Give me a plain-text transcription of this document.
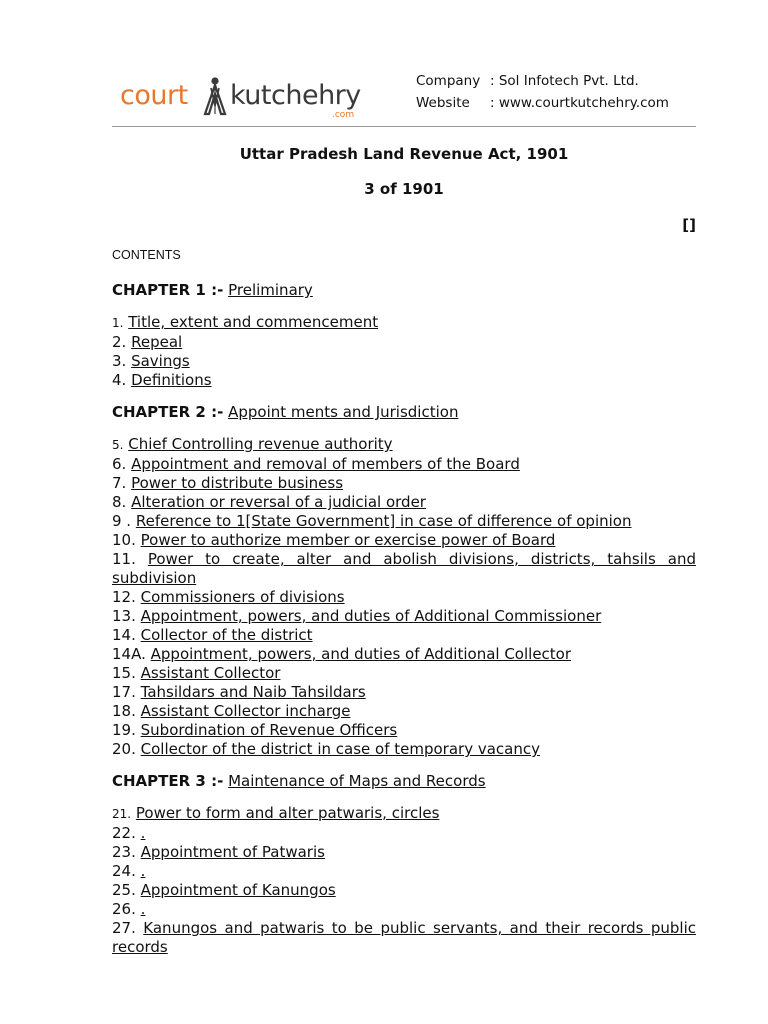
court kutchehry
.com
Company : Sol Infotech Pvt. Ltd.
Website	: www.courtkutchehry.com
Uttar Pradesh Land Revenue Act, 1901
3 of 1901
[]
CONTENTS
CHAPTER 1 :- Preliminary
1. Title, extent and commencement
2. Repeal
3. Savings
4. Definitions
CHAPTER 2 :- Appoint ments and Jurisdiction
5. Chief Controlling revenue authority
6. Appointment and removal of members of the Board
7. Power to distribute business
8. Alteration or reversal of a judicial order
9 . Reference to 1[State Government] in case of difference of opinion
10. Power to authorize member or exercise power of Board
11. Power to create, alter and abolish divisions, districts, tahsils and subdivision
12. Commissioners of divisions
13. Appointment, powers, and duties of Additional Commissioner
14. Collector of the district
14A. Appointment, powers, and duties of Additional Collector
15. Assistant Collector
17. Tahsildars and Naib Tahsildars
18. Assistant Collector incharge
19. Subordination of Revenue Officers
20. Collector of the district in case of temporary vacancy
CHAPTER 3 :- Maintenance of Maps and Records
21. Power to form and alter patwaris, circles
22. .
23. Appointment of Patwaris
24. .
25. Appointment of Kanungos
26. .
27. Kanungos and patwaris to be public servants, and their records public records
